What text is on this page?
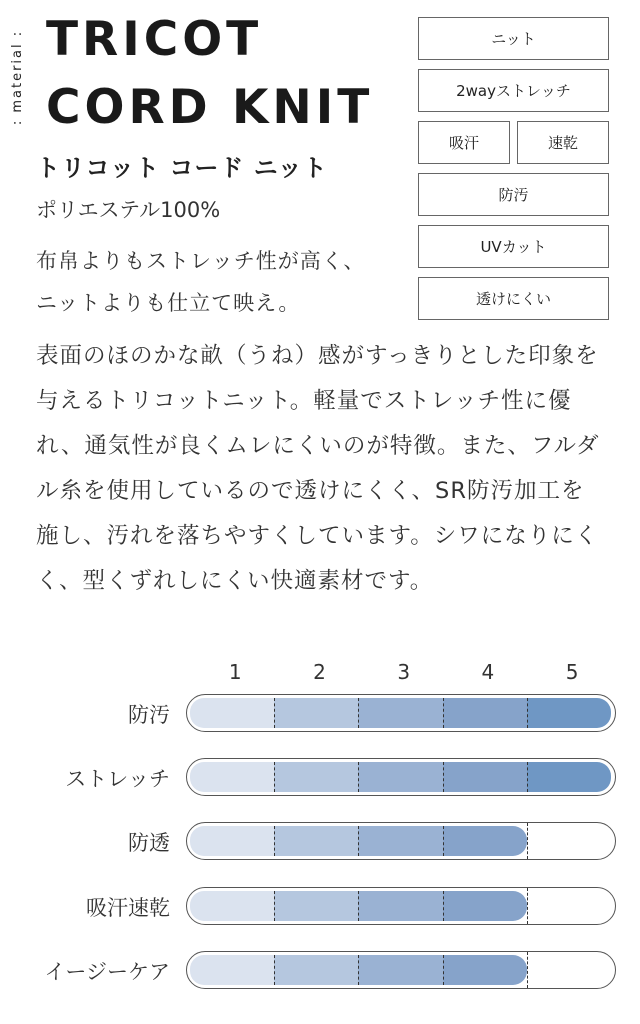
: material : TRICOT
CORD KNIT
トリコット コード ニット
ポリエステル100%
布帛よりもストレッチ性が高く、
ニットよりも仕立て映え。
ニット
2wayストレッチ
吸汗	速乾
防汚
UVカット
透けにくい
表面のほのかな畝（うね）感がすっきりとした印象を与えるトリコットニット。軽量でストレッチ性に優れ、通気性が良くムレにくいのが特徴。また、フルダル糸を使用しているので透けにくく、SR防汚加工を施し、汚れを落ちやすくしています。シワになりにくく、型くずれしにくい快適素材です。
1	2	3	4	5
防汚
ストレッチ
防透
吸汗速乾
イージーケア
